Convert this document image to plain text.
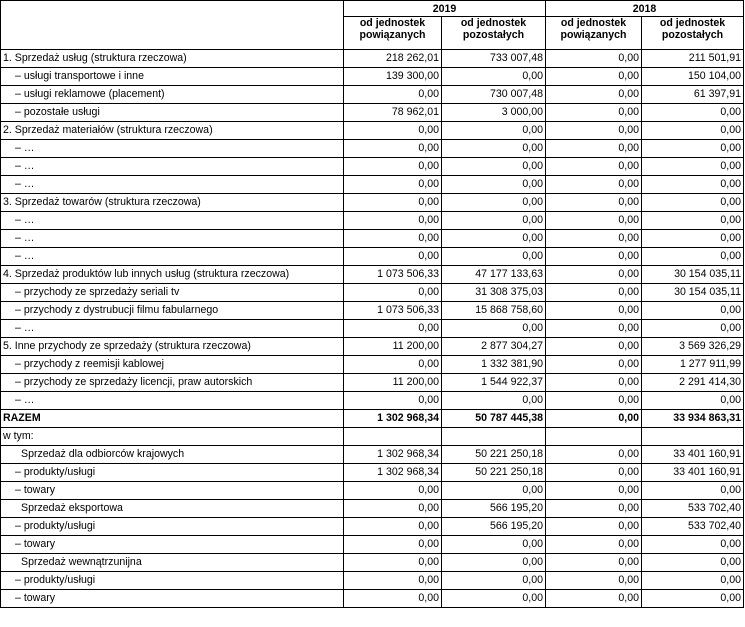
	2019		2018	
	od jednostek powiązanych	od jednostek pozostałych	od jednostek powiązanych	od jednostek pozostałych
1. Sprzedaż usług (struktura rzeczowa)	218 262,01	733 007,48	0,00	211 501,91
– usługi transportowe i inne	139 300,00	0,00	0,00	150 104,00
– usługi reklamowe (placement)	0,00	730 007,48	0,00	61 397,91
– pozostałe usługi	78 962,01	3 000,00	0,00	0,00
2. Sprzedaż materiałów (struktura rzeczowa)	0,00	0,00	0,00	0,00
– …	0,00	0,00	0,00	0,00
– …	0,00	0,00	0,00	0,00
– …	0,00	0,00	0,00	0,00
3. Sprzedaż towarów (struktura rzeczowa)	0,00	0,00	0,00	0,00
– …	0,00	0,00	0,00	0,00
– …	0,00	0,00	0,00	0,00
– …	0,00	0,00	0,00	0,00
4. Sprzedaż produktów lub innych usług (struktura rzeczowa)	1 073 506,33	47 177 133,63	0,00	30 154 035,11
– przychody ze sprzedaży seriali tv	0,00	31 308 375,03	0,00	30 154 035,11
– przychody z dystrubucji filmu fabularnego	1 073 506,33	15 868 758,60	0,00	0,00
– …	0,00	0,00	0,00	0,00
5. Inne przychody ze sprzedaży (struktura rzeczowa)	11 200,00	2 877 304,27	0,00	3 569 326,29
– przychody z reemisji kablowej	0,00	1 332 381,90	0,00	1 277 911,99
– przychody ze sprzedaży licencji, praw autorskich	11 200,00	1 544 922,37	0,00	2 291 414,30
– …	0,00	0,00	0,00	0,00
RAZEM	1 302 968,34	50 787 445,38	0,00	33 934 863,31
w tym:				
Sprzedaż dla odbiorców krajowych	1 302 968,34	50 221 250,18	0,00	33 401 160,91
– produkty/usługi	1 302 968,34	50 221 250,18	0,00	33 401 160,91
– towary	0,00	0,00	0,00	0,00
Sprzedaż eksportowa	0,00	566 195,20	0,00	533 702,40
– produkty/usługi	0,00	566 195,20	0,00	533 702,40
– towary	0,00	0,00	0,00	0,00
Sprzedaż wewnątrzunijna	0,00	0,00	0,00	0,00
– produkty/usługi	0,00	0,00	0,00	0,00
– towary	0,00	0,00	0,00	0,00
